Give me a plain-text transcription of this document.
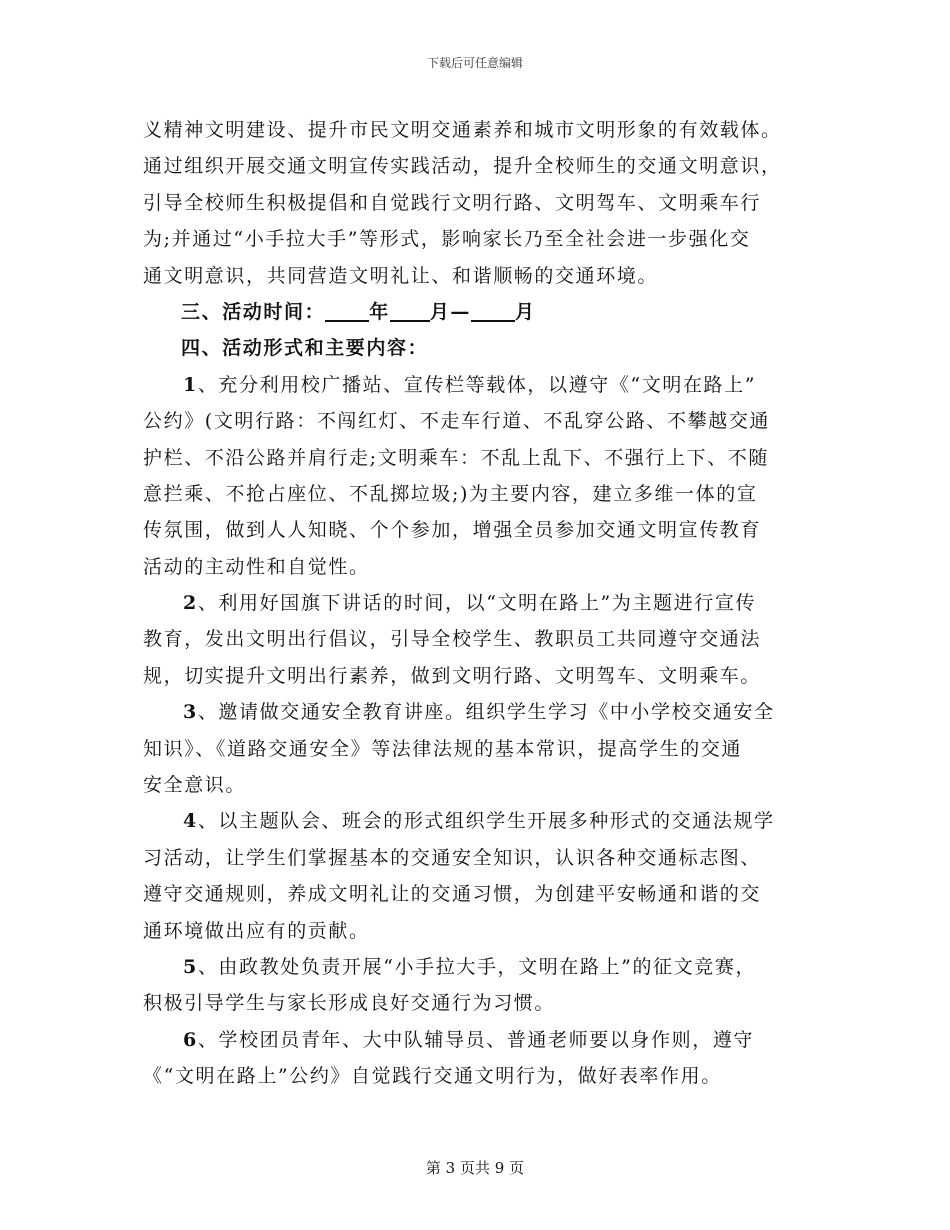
下载后可任意编辑
义精神文明建设、提升市民文明交通素养和城市文明形象的有效载体。
通过组织开展交通文明宣传实践活动，提升全校师生的交通文明意识，
引导全校师生积极提倡和自觉践行文明行路、文明驾车、文明乘车行
为;并通过“小手拉大手”等形式，影响家长乃至全社会进一步强化交
通文明意识，共同营造文明礼让、和谐顺畅的交通环境。
三、活动时间： 年 月— 月
四、活动形式和主要内容：
1、充分利用校广播站、宣传栏等载体，以遵守《“文明在路上”
公约》(文明行路：不闯红灯、不走车行道、不乱穿公路、不攀越交通
护栏、不沿公路并肩行走;文明乘车：不乱上乱下、不强行上下、不随
意拦乘、不抢占座位、不乱掷垃圾;)为主要内容，建立多维一体的宣
传氛围，做到人人知晓、个个参加，增强全员参加交通文明宣传教育
活动的主动性和自觉性。
2、利用好国旗下讲话的时间，以“文明在路上”为主题进行宣传
教育，发出文明出行倡议，引导全校学生、教职员工共同遵守交通法
规，切实提升文明出行素养，做到文明行路、文明驾车、文明乘车。
3、邀请做交通安全教育讲座。组织学生学习《中小学校交通安全
知识》、《道路交通安全》等法律法规的基本常识，提高学生的交通
安全意识。
4、以主题队会、班会的形式组织学生开展多种形式的交通法规学
习活动，让学生们掌握基本的交通安全知识，认识各种交通标志图、
遵守交通规则，养成文明礼让的交通习惯，为创建平安畅通和谐的交
通环境做出应有的贡献。
5、由政教处负责开展“小手拉大手，文明在路上”的征文竞赛，
积极引导学生与家长形成良好交通行为习惯。
6、学校团员青年、大中队辅导员、普通老师要以身作则，遵守
《“文明在路上”公约》自觉践行交通文明行为，做好表率作用。
第 3 页共 9 页
